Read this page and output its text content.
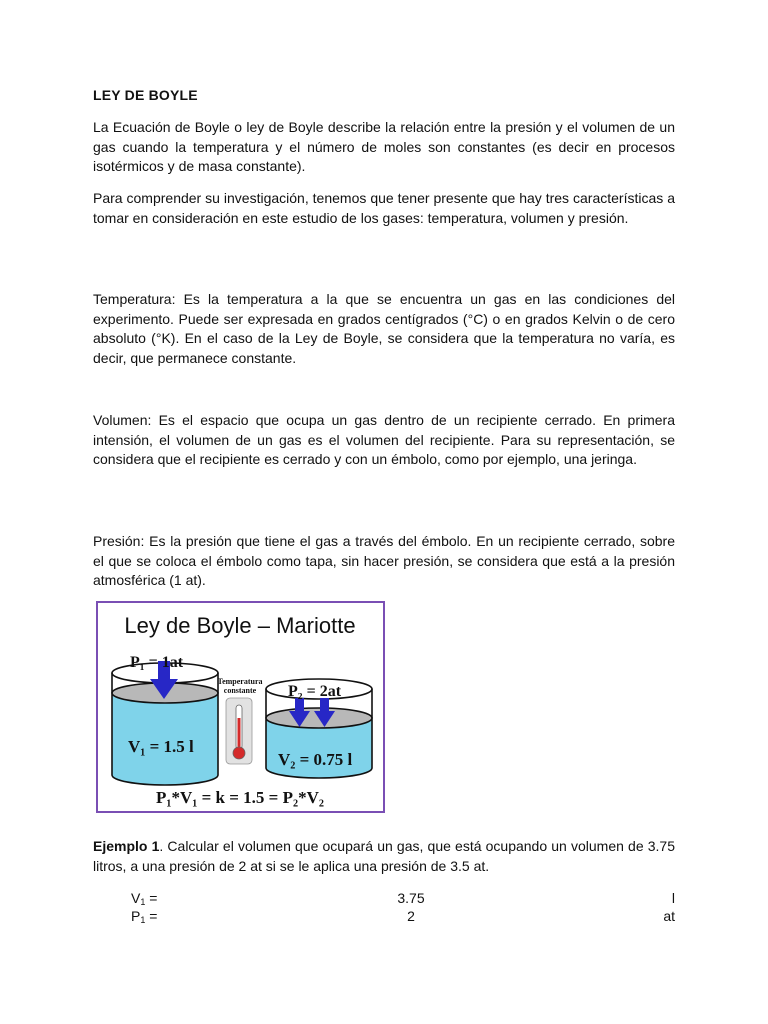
LEY DE BOYLE

La Ecuación de Boyle o ley de Boyle describe la relación entre la presión y el volumen de un gas cuando la temperatura y el número de moles son constantes (es decir en procesos isotérmicos y de masa constante).

Para comprender su investigación, tenemos que tener presente que hay tres características a tomar en consideración en este estudio de los gases: temperatura, volumen y presión.

Temperatura: Es la temperatura a la que se encuentra un gas en las condiciones del experimento. Puede ser expresada en grados centígrados (°C) o en grados Kelvin o de cero absoluto (°K). En el caso de la Ley de Boyle, se considera que la temperatura no varía, es decir, que permanece constante.

Volumen: Es el espacio que ocupa un gas dentro de un recipiente cerrado. En primera intensión, el volumen de un gas es el volumen del recipiente. Para su representación, se considera que el recipiente es cerrado y con un émbolo, como por ejemplo, una jeringa.

Presión: Es la presión que tiene el gas a través del émbolo. En un recipiente cerrado, sobre el que se coloca el émbolo como tapa, sin hacer presión, se considera que está a la presión atmosférica (1 at).

Ley de Boyle – Mariotte
P₁ = 1at
V₁ = 1.5 l
Temperatura
constante P₂ = 2at
V₂ = 0.75 l
P₁*V₁ = k = 1.5 = P₂*V₂

Ejemplo 1. Calcular el volumen que ocupará un gas, que está ocupando un volumen de 3.75 litros, a una presión de 2 at si se le aplica una presión de 3.5 at.

$V_1$ =	3.75	l
$P_1$ =	2	at
